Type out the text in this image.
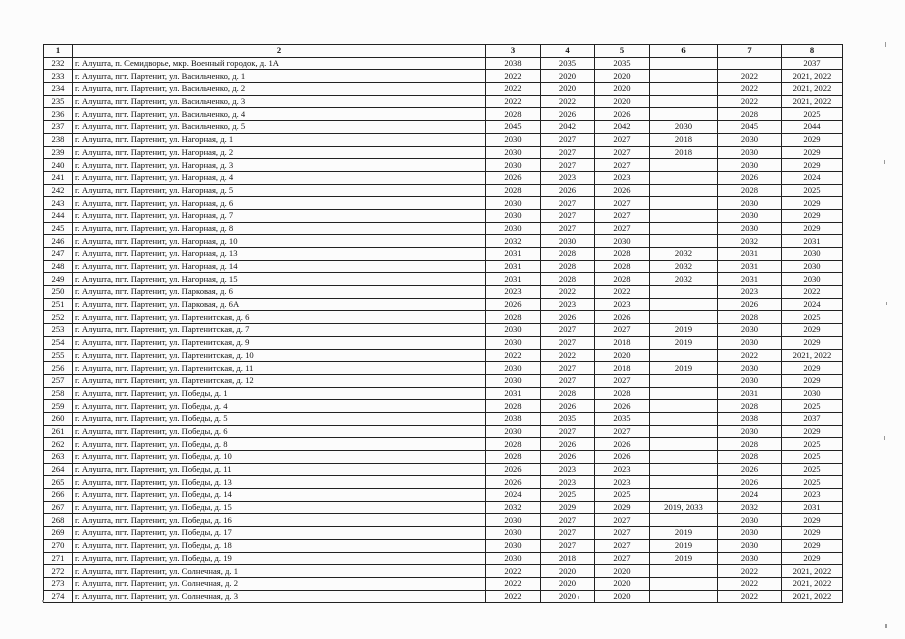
1	2	3	4	5	6	7	8
232	г. Алушта, п. Семидворье, мкр. Военный городок, д. 1А	2038	2035	2035			2037
233	г. Алушта, пгт. Партенит, ул. Васильченко, д. 1	2022	2020	2020		2022	2021, 2022
234	г. Алушта, пгт. Партенит, ул. Васильченко, д. 2	2022	2020	2020		2022	2021, 2022
235	г. Алушта, пгт. Партенит, ул. Васильченко, д. 3	2022	2022	2020		2022	2021, 2022
236	г. Алушта, пгт. Партенит, ул. Васильченко, д. 4	2028	2026	2026		2028	2025
237	г. Алушта, пгт. Партенит, ул. Васильченко, д. 5	2045	2042	2042	2030	2045	2044
238	г. Алушта, пгт. Партенит, ул. Нагорная, д. 1	2030	2027	2027	2018	2030	2029
239	г. Алушта, пгт. Партенит, ул. Нагорная, д. 2	2030	2027	2027	2018	2030	2029
240	г. Алушта, пгт. Партенит, ул. Нагорная, д. 3	2030	2027	2027		2030	2029
241	г. Алушта, пгт. Партенит, ул. Нагорная, д. 4	2026	2023	2023		2026	2024
242	г. Алушта, пгт. Партенит, ул. Нагорная, д. 5	2028	2026	2026		2028	2025
243	г. Алушта, пгт. Партенит, ул. Нагорная, д. 6	2030	2027	2027		2030	2029
244	г. Алушта, пгт. Партенит, ул. Нагорная, д. 7	2030	2027	2027		2030	2029
245	г. Алушта, пгт. Партенит, ул. Нагорная, д. 8	2030	2027	2027		2030	2029
246	г. Алушта, пгт. Партенит, ул. Нагорная, д. 10	2032	2030	2030		2032	2031
247	г. Алушта, пгт. Партенит, ул. Нагорная, д. 13	2031	2028	2028	2032	2031	2030
248	г. Алушта, пгт. Партенит, ул. Нагорная, д. 14	2031	2028	2028	2032	2031	2030
249	г. Алушта, пгт. Партенит, ул. Нагорная, д. 15	2031	2028	2028	2032	2031	2030
250	г. Алушта, пгт. Партенит, ул. Парковая, д. 6	2023	2022	2022		2023	2022
251	г. Алушта, пгт. Партенит, ул. Парковая, д. 6А	2026	2023	2023		2026	2024
252	г. Алушта, пгт. Партенит, ул. Партенитская, д. 6	2028	2026	2026		2028	2025
253	г. Алушта, пгт. Партенит, ул. Партенитская, д. 7	2030	2027	2027	2019	2030	2029
254	г. Алушта, пгт. Партенит, ул. Партенитская, д. 9	2030	2027	2018	2019	2030	2029
255	г. Алушта, пгт. Партенит, ул. Партенитская, д. 10	2022	2022	2020		2022	2021, 2022
256	г. Алушта, пгт. Партенит, ул. Партенитская, д. 11	2030	2027	2018	2019	2030	2029
257	г. Алушта, пгт. Партенит, ул. Партенитская, д. 12	2030	2027	2027		2030	2029
258	г. Алушта, пгт. Партенит, ул. Победы, д. 1	2031	2028	2028		2031	2030
259	г. Алушта, пгт. Партенит, ул. Победы, д. 4	2028	2026	2026		2028	2025
260	г. Алушта, пгт. Партенит, ул. Победы, д. 5	2038	2035	2035		2038	2037
261	г. Алушта, пгт. Партенит, ул. Победы, д. 6	2030	2027	2027		2030	2029
262	г. Алушта, пгт. Партенит, ул. Победы, д. 8	2028	2026	2026		2028	2025
263	г. Алушта, пгт. Партенит, ул. Победы, д. 10	2028	2026	2026		2028	2025
264	г. Алушта, пгт. Партенит, ул. Победы, д. 11	2026	2023	2023		2026	2025
265	г. Алушта, пгт. Партенит, ул. Победы, д. 13	2026	2023	2023		2026	2025
266	г. Алушта, пгт. Партенит, ул. Победы, д. 14	2024	2025	2025		2024	2023
267	г. Алушта, пгт. Партенит, ул. Победы, д. 15	2032	2029	2029	2019, 2033	2032	2031
268	г. Алушта, пгт. Партенит, ул. Победы, д. 16	2030	2027	2027		2030	2029
269	г. Алушта, пгт. Партенит, ул. Победы, д. 17	2030	2027	2027	2019	2030	2029
270	г. Алушта, пгт. Партенит, ул. Победы, д. 18	2030	2027	2027	2019	2030	2029
271	г. Алушта, пгт. Партенит, ул. Победы, д. 19	2030	2018	2027	2019	2030	2029
272	г. Алушта, пгт. Партенит, ул. Солнечная, д. 1	2022	2020	2020		2022	2021, 2022
273	г. Алушта, пгт. Партенит, ул. Солнечная, д. 2	2022	2020	2020		2022	2021, 2022
274	г. Алушта, пгт. Партенит, ул. Солнечная, д. 3	2022	2020	2020		2022	2021, 2022
